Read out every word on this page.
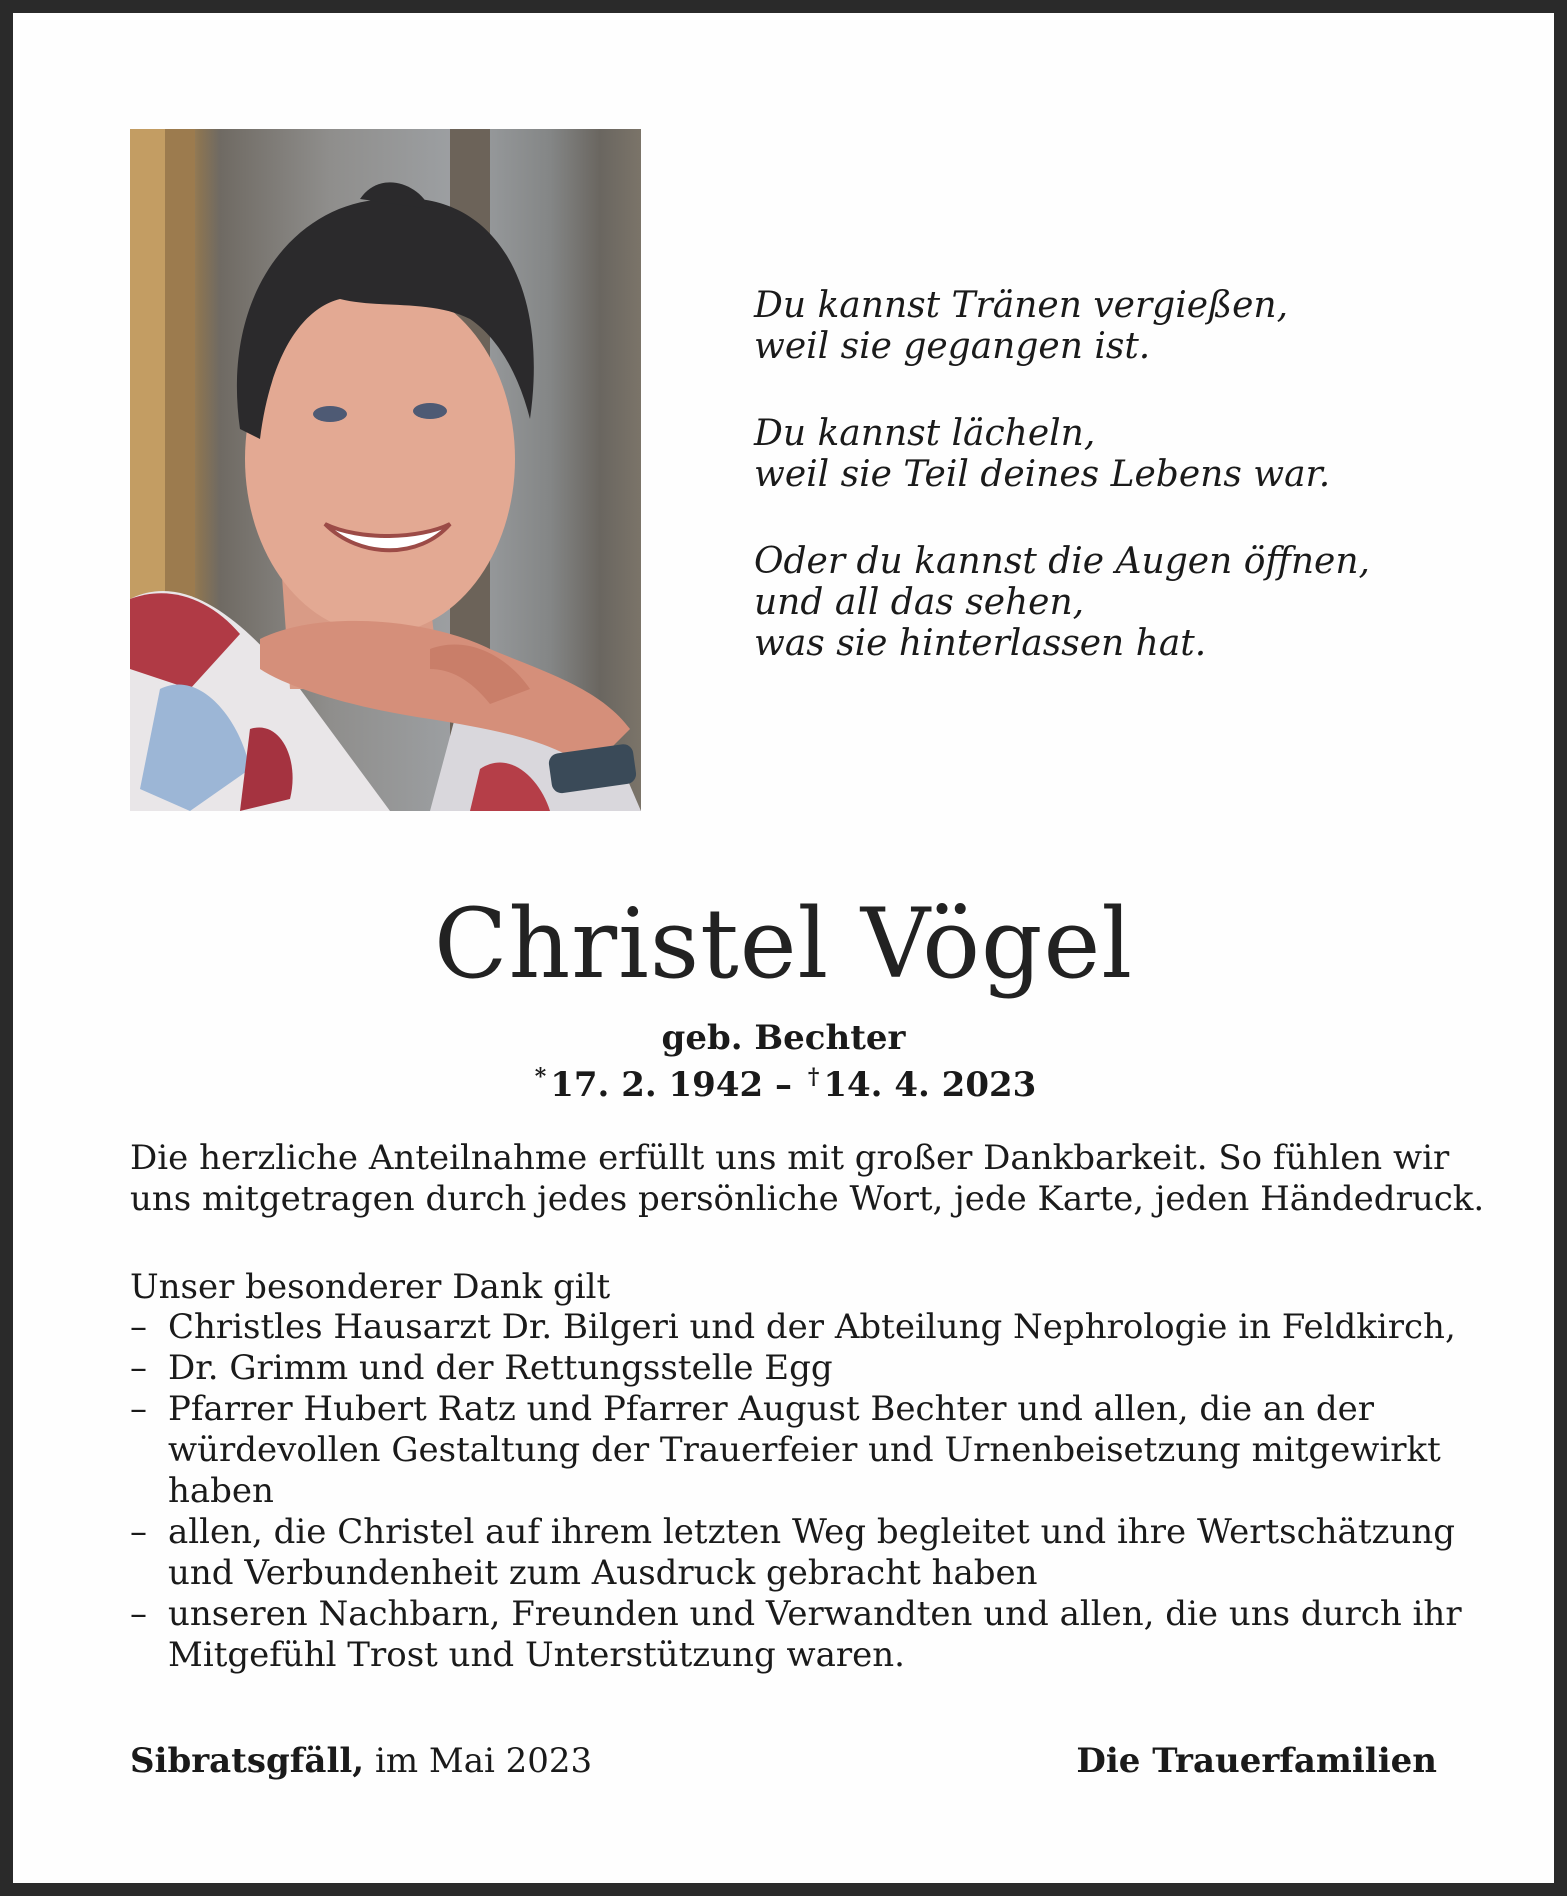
Du kannst Tränen vergießen,
weil sie gegangen ist.
Du kannst lächeln,
weil sie Teil deines Lebens war.
Oder du kannst die Augen öffnen,
und all das sehen,
was sie hinterlassen hat.
Christel Vögel
geb. Bechter
* 17. 2. 1942 – † 14. 4. 2023
Die herzliche Anteilnahme erfüllt uns mit großer Dankbarkeit. So fühlen wir
uns mitgetragen durch jedes persönliche Wort, jede Karte, jeden Händedruck.
Unser besonderer Dank gilt
– Christles Hausarzt Dr. Bilgeri und der Abteilung Nephrologie in Feldkirch,
– Dr. Grimm und der Rettungsstelle Egg
– Pfarrer Hubert Ratz und Pfarrer August Bechter und allen, die an der
würdevollen Gestaltung der Trauerfeier und Urnenbeisetzung mitgewirkt
haben
– allen, die Christel auf ihrem letzten Weg begleitet und ihre Wertschätzung
und Verbundenheit zum Ausdruck gebracht haben
– unseren Nachbarn, Freunden und Verwandten und allen, die uns durch ihr
Mitgefühl Trost und Unterstützung waren.
Sibratsgfäll, im Mai 2023	Die Trauerfamilien
